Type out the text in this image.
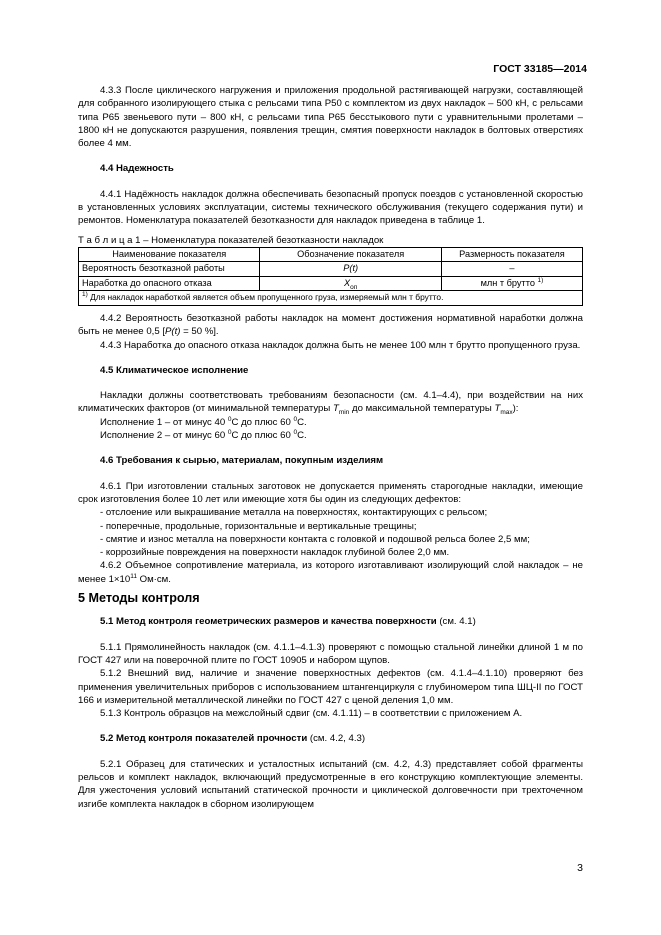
ГОСТ 33185—2014

4.3.3 После циклического нагружения и приложения продольной растягивающей нагрузки, составляющей для собранного изолирующего стыка с рельсами типа Р50 с комплектом из двух накладок – 500 кН, с рельсами типа Р65 звеньевого пути – 800 кН, с рельсами типа Р65 бесстыкового пути с уравнительными пролетами – 1800 кН не допускаются разрушения, появления трещин, смятия поверхности накладок в болтовых отверстиях более 4 мм.

4.4 Надежность

4.4.1 Надёжность накладок должна обеспечивать безопасный пропуск поездов с установленной скоростью в установленных условиях эксплуатации, системы технического обслуживания (текущего содержания пути) и ремонтов. Номенклатура показателей безотказности для накладок приведена в таблице 1.

Т а б л и ц а 1 – Номенклатура показателей безотказности накладок
Наименование показателя	Обозначение показателя	Размерность показателя
Вероятность безотказной работы	P(t)	–
Наработка до опасного отказа	$X_{оп}$	млн т брутто $^{1)}$
$^{1)}$ Для накладок наработкой является объем пропущенного груза, измеряемый млн т брутто.		

4.4.2 Вероятность безотказной работы накладок на момент достижения нормативной наработки должна быть не менее 0,5 [P(t) = 50 %].

4.4.3 Наработка до опасного отказа накладок должна быть не менее 100 млн т брутто пропущенного груза.

4.5 Климатическое исполнение

Накладки должны соответствовать требованиям безопасности (см. 4.1–4.4), при воздействии на них климатических факторов (от минимальной температуры $T_{min}$ до максимальной температуры $T_{max}$):

Исполнение 1 – от минус 40 $^0$C до плюс 60 $^0$C.

Исполнение 2 – от минус 60 $^0$C до плюс 60 $^0$C.

4.6 Требования к сырью, материалам, покупным изделиям

4.6.1 При изготовлении стальных заготовок не допускается применять старогодные накладки, имеющие срок изготовления более 10 лет или имеющие хотя бы один из следующих дефектов:

- отслоение или выкрашивание металла на поверхностях, контактирующих с рельсом;

- поперечные, продольные, горизонтальные и вертикальные трещины;

- смятие и износ металла на поверхности контакта с головкой и подошвой рельса более 2,5 мм;

- коррозийные повреждения на поверхности накладок глубиной более 2,0 мм.

4.6.2 Объемное сопротивление материала, из которого изготавливают изолирующий слой накладок – не менее $1\times 10^{11}$ Ом·см.

5 Методы контроля

5.1 Метод контроля геометрических размеров и качества поверхности (см. 4.1)

5.1.1 Прямолинейность накладок (см. 4.1.1–4.1.3) проверяют с помощью стальной линейки длиной 1 м по ГОСТ 427 или на поверочной плите по ГОСТ 10905 и набором щупов.

5.1.2 Внешний вид, наличие и значение поверхностных дефектов (см. 4.1.4–4.1.10) проверяют без применения увеличительных приборов с использованием штангенциркуля с глубиномером типа ШЦ-II по ГОСТ 166 и измерительной металлической линейки по ГОСТ 427 с ценой деления 1,0 мм.

5.1.3 Контроль образцов на межслойный сдвиг (см. 4.1.11) – в соответствии с приложением А.

5.2 Метод контроля показателей прочности (см. 4.2, 4.3)

5.2.1 Образец для статических и усталостных испытаний (см. 4.2, 4.3) представляет собой фрагменты рельсов и комплект накладок, включающий предусмотренные в его конструкцию комплектующие элементы. Для ужесточения условий испытаний статической прочности и циклической долговечности при трехточечном изгибе комплекта накладок в сборном изолирующем

3
